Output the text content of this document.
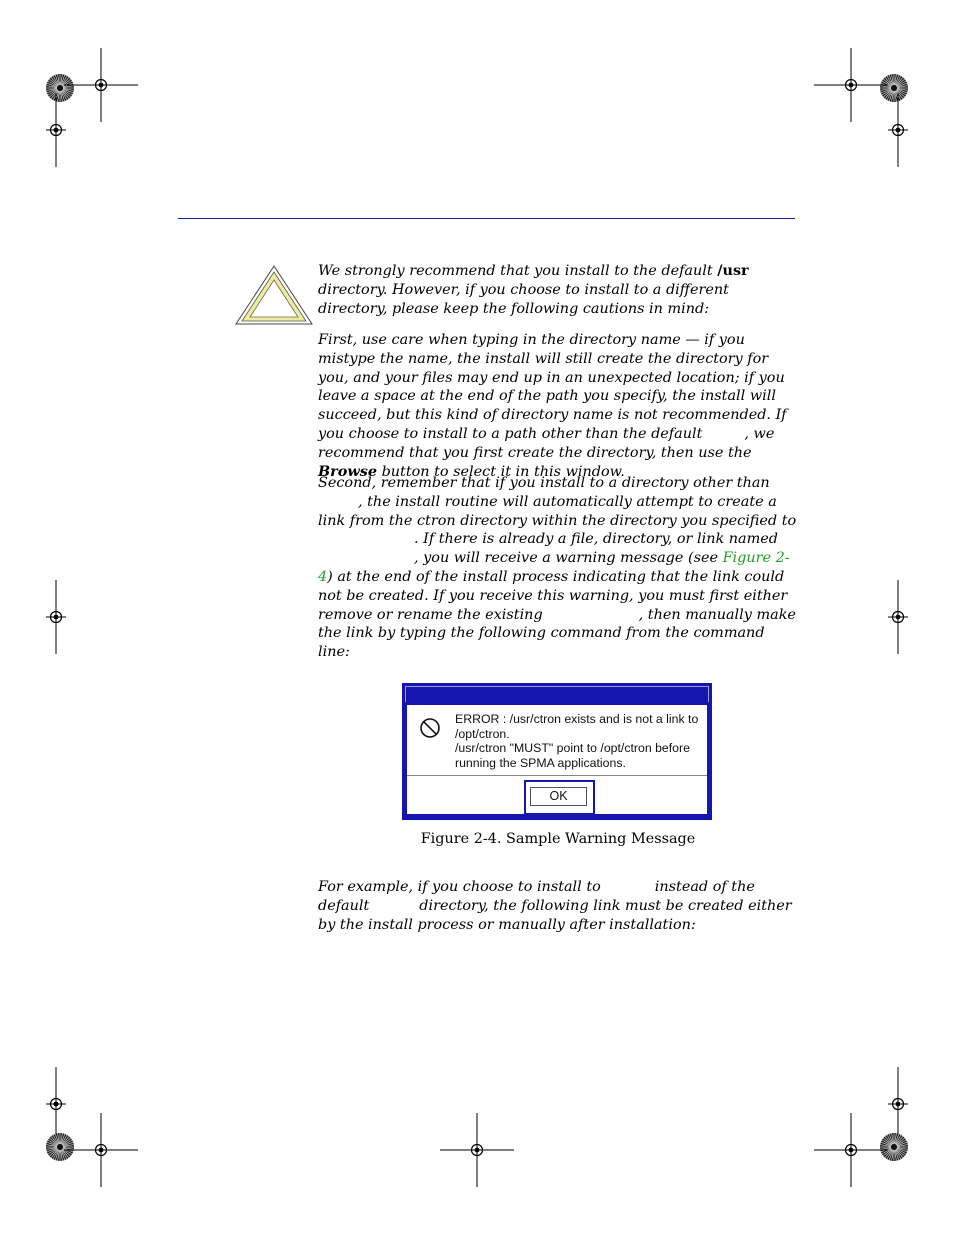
We strongly recommend that you install to the default /usr directory. However, if you choose to install to a different directory, please keep the following cautions in mind:

First, use care when typing in the directory name — if you mistype the name, the install will still create the directory for you, and your files may end up in an unexpected location; if you leave a space at the end of the path you specify, the install will succeed, but this kind of directory name is not recommended. If you choose to install to a path other than the default	, we recommend that you first create the directory, then use the Browse button to select it in this window.

Second, remember that if you install to a directory other than, the install routine will automatically attempt to create a link from the ctron directory within the directory you specified to. If there is already a file, directory, or link named, you will receive a warning message (see Figure 2-4) at the end of the install process indicating that the link could not be created. If you receive this warning, you must first either remove or rename the existing	, then manually make the link by typing the following command from the command line:

ERROR : /usr/ctron exists and is not a link to
/opt/ctron.
/usr/ctron "MUST" point to /opt/ctron before
running the SPMA applications.
OK
Figure 2-4. Sample Warning Message

For example, if you choose to install to	instead of the default	directory, the following link must be created either by the install process or manually after installation:
